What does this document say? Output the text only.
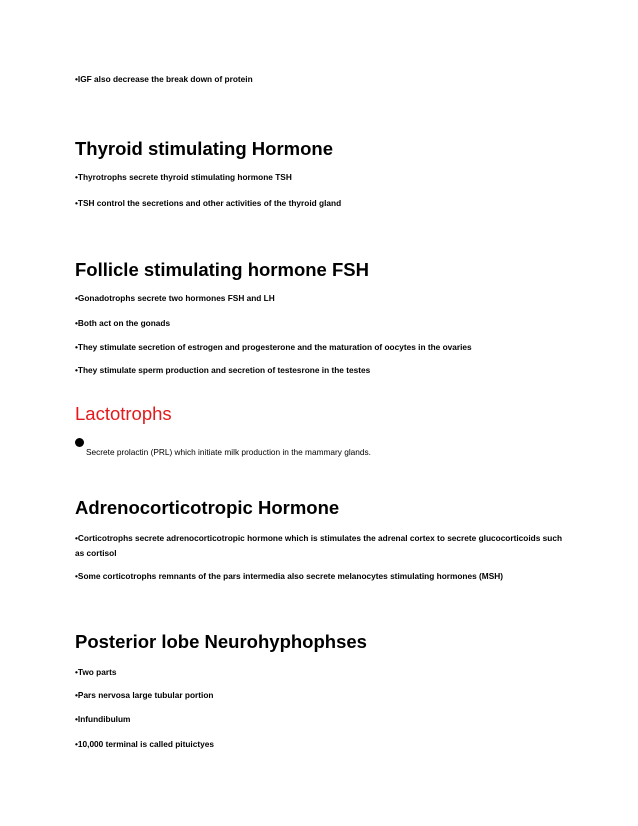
•IGF also decrease the break down of protein
Thyroid stimulating Hormone
•Thyrotrophs secrete thyroid stimulating hormone TSH
•TSH control the secretions and other activities of the thyroid gland
Follicle stimulating hormone FSH
•Gonadotrophs secrete two hormones FSH and LH
•Both act on the gonads
•They stimulate secretion of estrogen and progesterone and the maturation of oocytes in the ovaries
•They stimulate sperm production and secretion of testesrone in the testes
Lactotrophs
Secrete prolactin (PRL) which initiate milk production in the mammary glands.
Adrenocorticotropic Hormone
•Corticotrophs secrete adrenocorticotropic hormone which is stimulates the adrenal cortex to secrete glucocorticoids such as cortisol
•Some corticotrophs remnants of the pars intermedia also secrete melanocytes stimulating hormones (MSH)
Posterior lobe Neurohyphophses
•Two parts
•Pars nervosa large tubular portion
•Infundibulum
•10,000 terminal is called pituictyes
